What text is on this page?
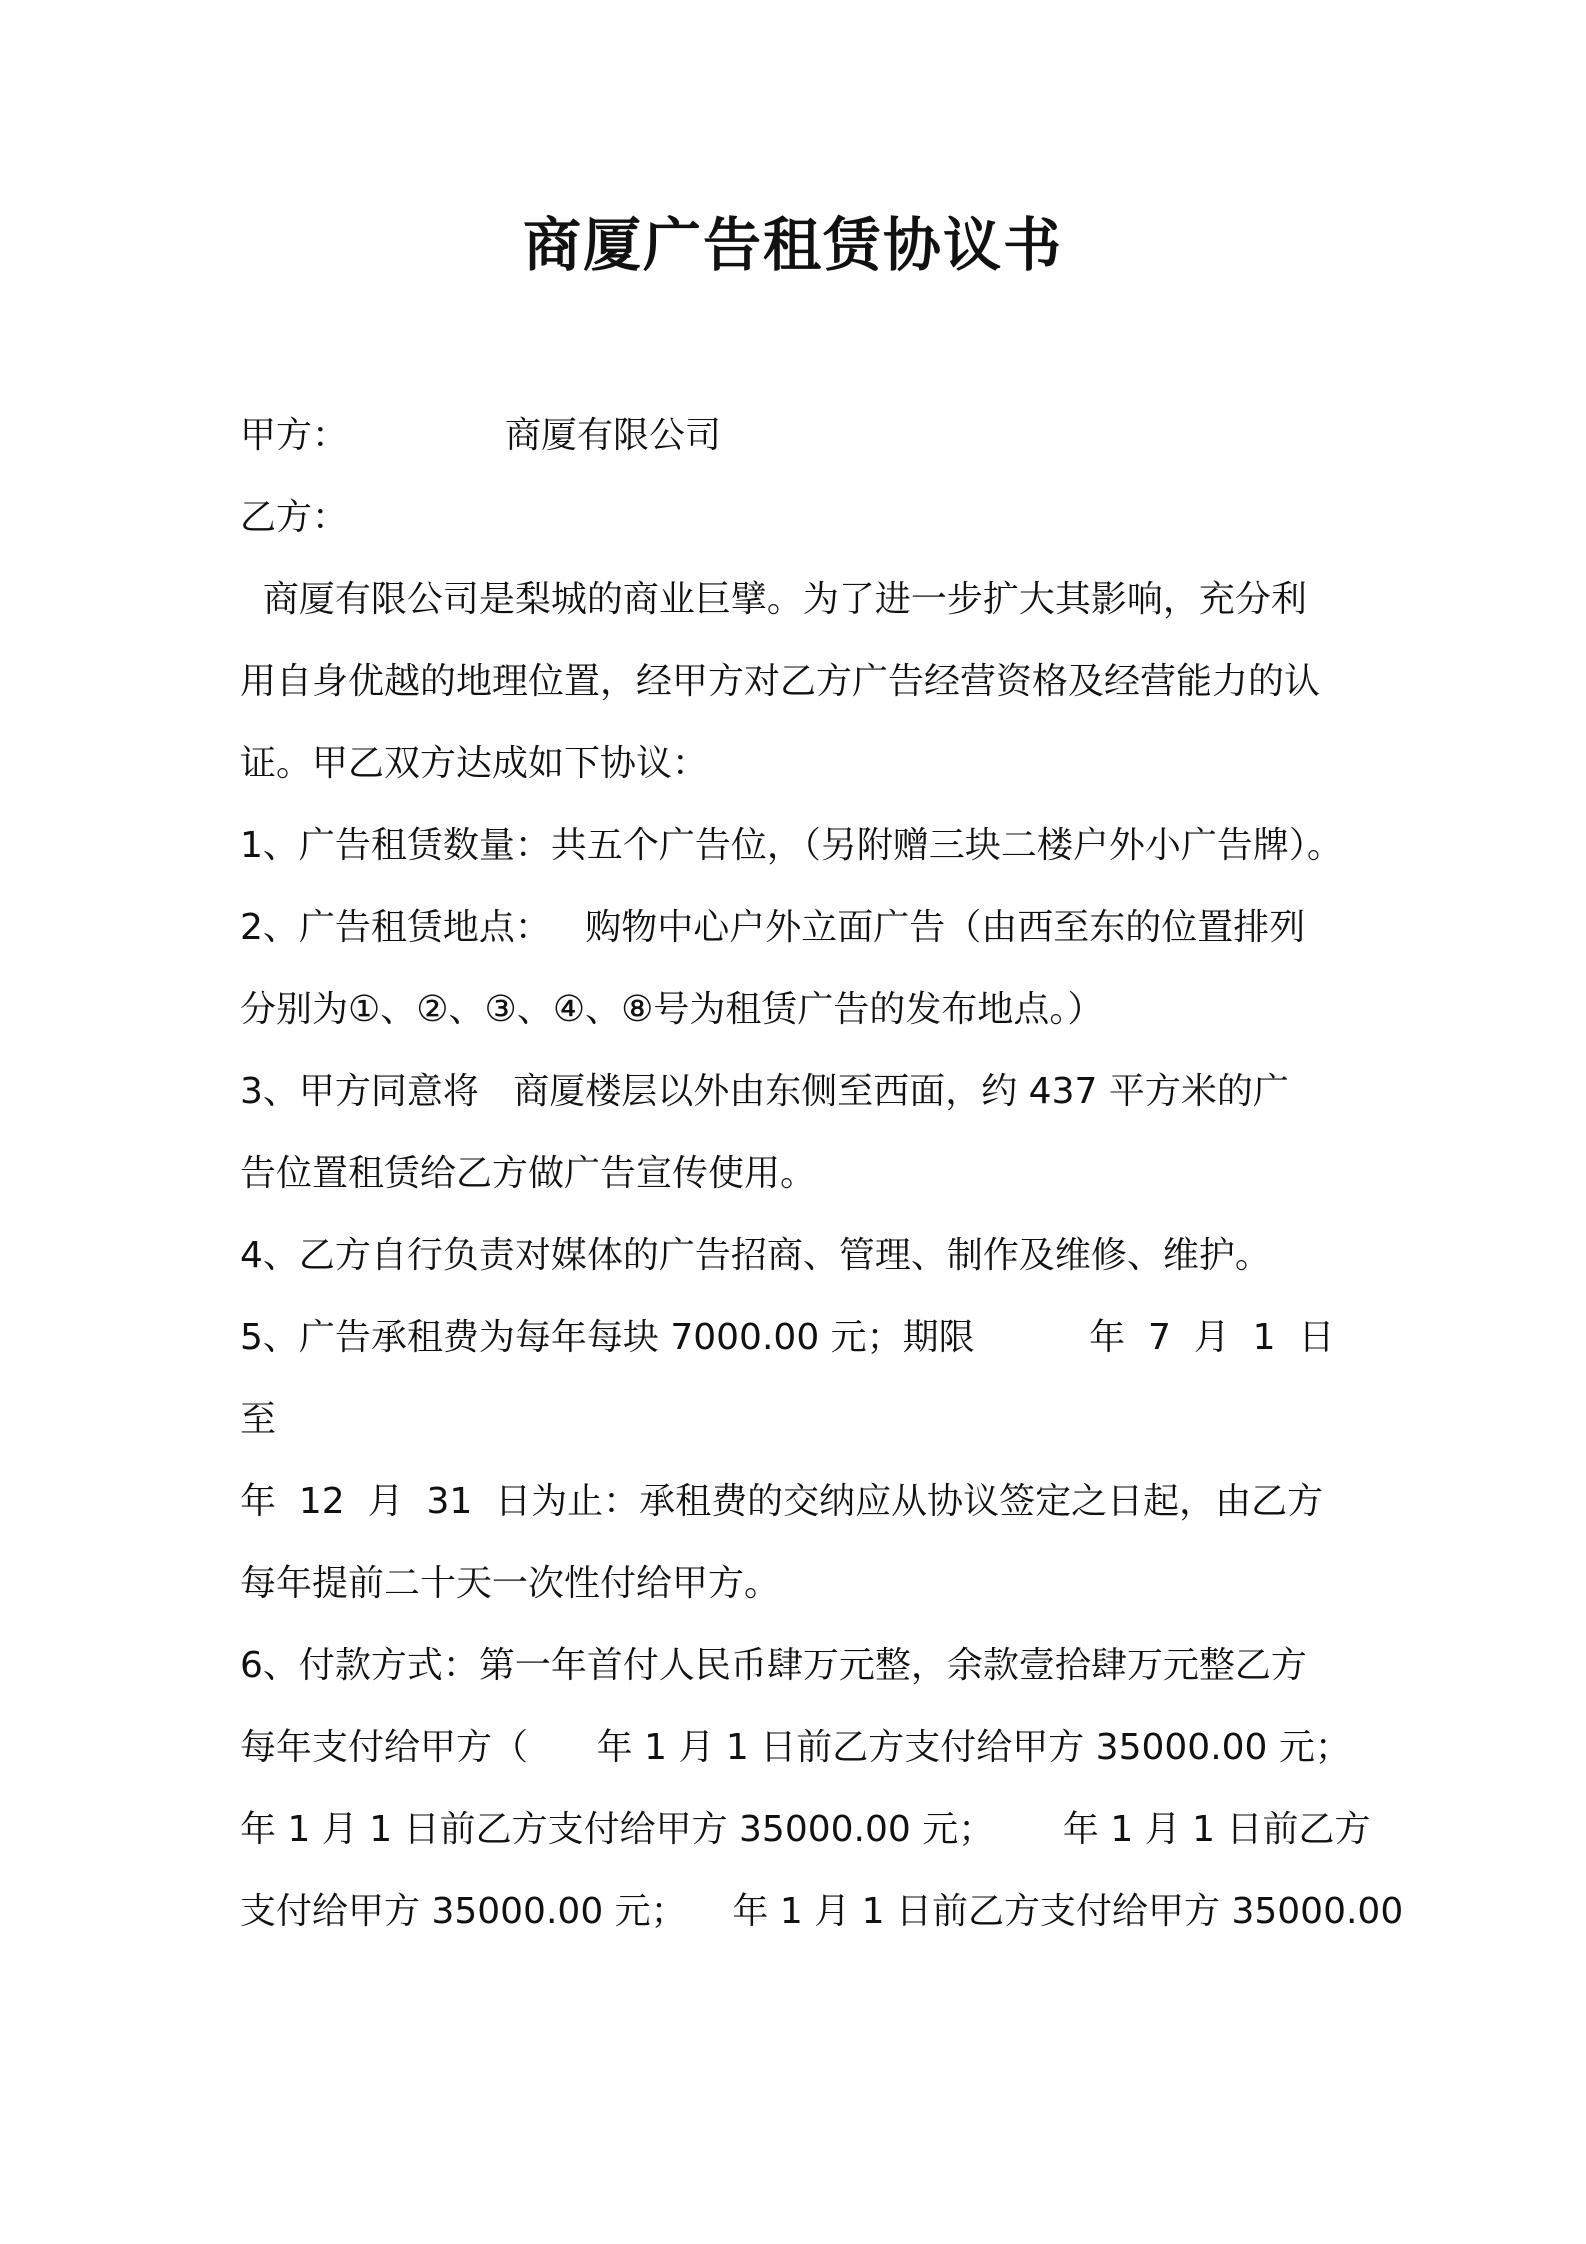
商厦广告租赁协议书
甲方：	商厦有限公司
乙方：
商厦有限公司是梨城的商业巨擘。为了进一步扩大其影响，充分利
用自身优越的地理位置，经甲方对乙方广告经营资格及经营能力的认
证。甲乙双方达成如下协议：
1、广告租赁数量：共五个广告位，（另附赠三块二楼户外小广告牌）。
2、广告租赁地点：   购物中心户外立面广告（由西至东的位置排列
分别为①、②、③、④、⑧号为租赁广告的发布地点。）
3、甲方同意将   商厦楼层以外由东侧至西面，约 437 平方米的广
告位置租赁给乙方做广告宣传使用。
4、乙方自行负责对媒体的广告招商、管理、制作及维修、维护。
5、广告承租费为每年每块 7000.00 元；期限          年  7  月  1  日
至
年  12  月  31  日为止：承租费的交纳应从协议签定之日起，由乙方
每年提前二十天一次性付给甲方。
6、付款方式：第一年首付人民币肆万元整，余款壹拾肆万元整乙方
每年支付给甲方（      年 1 月 1 日前乙方支付给甲方 35000.00 元；
年 1 月 1 日前乙方支付给甲方 35000.00 元；      年 1 月 1 日前乙方
支付给甲方 35000.00 元；    年 1 月 1 日前乙方支付给甲方 35000.00
